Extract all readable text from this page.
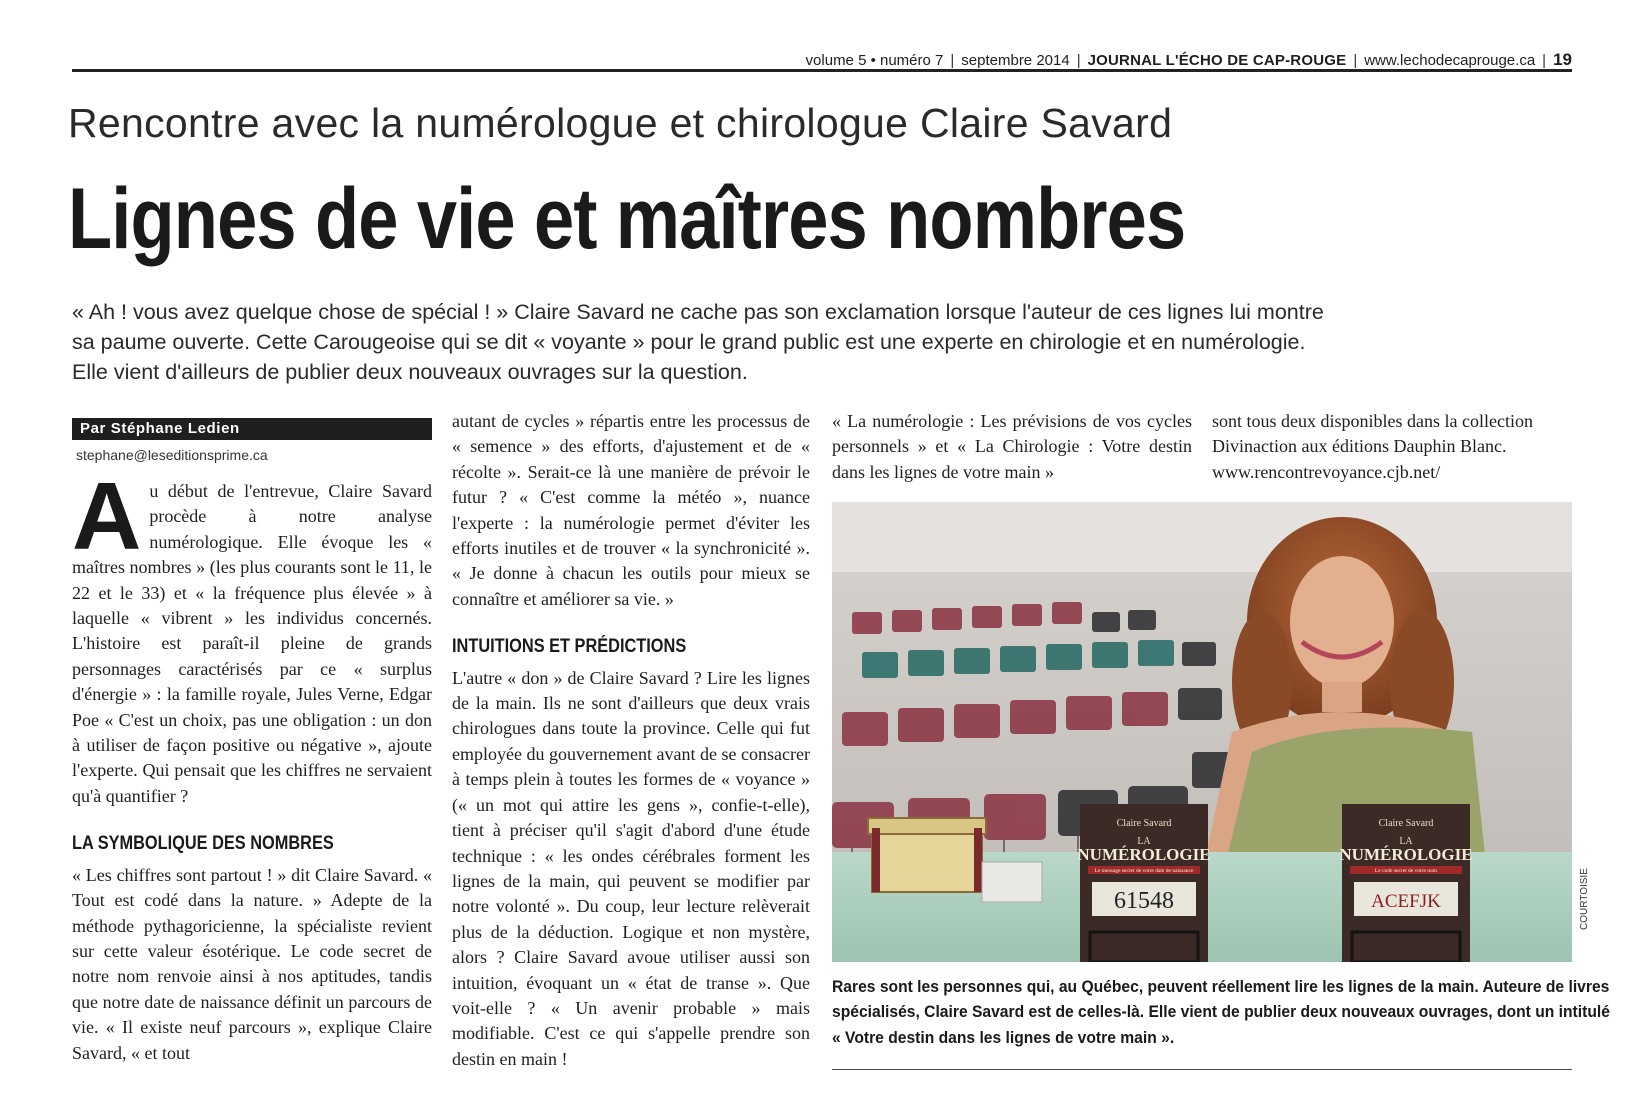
volume 5 • numéro 7 | septembre 2014 | JOURNAL L'ÉCHO DE CAP-ROUGE | www.lechodecaprouge.ca | 19
Rencontre avec la numérologue et chirologue Claire Savard
Lignes de vie et maîtres nombres

« Ah ! vous avez quelque chose de spécial ! » Claire Savard ne cache pas son exclamation lorsque l'auteur de ces lignes lui montre

sa paume ouverte. Cette Carougeoise qui se dit « voyante » pour le grand public est une experte en chirologie et en numérologie.

Elle vient d'ailleurs de publier deux nouveaux ouvrages sur la question.

Par Stéphane Ledien
stephane@leseditionsprime.ca

Au début de l'entrevue, Claire Savard procède à notre analyse numérologique. Elle évoque les « maîtres nombres » (les plus courants sont le 11, le 22 et le 33) et « la fréquence plus élevée » à laquelle « vibrent » les individus concernés. L'histoire est paraît-il pleine de grands personnages caractérisés par ce « surplus d'énergie » : la famille royale, Jules Verne, Edgar Poe « C'est un choix, pas une obligation : un don à utiliser de façon positive ou négative », ajoute l'experte. Qui pensait que les chiffres ne servaient qu'à quantifier ?

LA SYMBOLIQUE DES NOMBRES

« Les chiffres sont partout ! » dit Claire Savard. « Tout est codé dans la nature. » Adepte de la méthode pythagoricienne, la spécialiste revient sur cette valeur ésotérique. Le code secret de notre nom renvoie ainsi à nos aptitudes, tandis que notre date de naissance définit un parcours de vie. « Il existe neuf parcours », explique Claire Savard, « et tout

autant de cycles » répartis entre les processus de « semence » des efforts, d'ajustement et de « récolte ». Serait-ce là une manière de prévoir le futur ? « C'est comme la météo », nuance l'experte : la numérologie permet d'éviter les efforts inutiles et de trouver « la synchronicité ». « Je donne à chacun les outils pour mieux se connaître et améliorer sa vie. »

INTUITIONS ET PRÉDICTIONS

L'autre « don » de Claire Savard ? Lire les lignes de la main. Ils ne sont d'ailleurs que deux vrais chirologues dans toute la province. Celle qui fut employée du gouvernement avant de se consacrer à temps plein à toutes les formes de « voyance » (« un mot qui attire les gens », confie-t-elle), tient à préciser qu'il s'agit d'abord d'une étude technique : « les ondes cérébrales forment les lignes de la main, qui peuvent se modifier par notre volonté ». Du coup, leur lecture relèverait plus de la déduction. Logique et non mystère, alors ? Claire Savard avoue utiliser aussi son intuition, évoquant un « état de transe ». Que voit-elle ? « Un avenir probable » mais modifiable. C'est ce qui s'appelle prendre son destin en main !

« La numérologie : Les prévisions de vos cycles personnels » et « La Chirologie : Votre destin dans les lignes de votre main »

sont tous deux disponibles dans la collection Divinaction aux éditions Dauphin Blanc.

www.rencontrevoyance.cjb.net/

Claire Savard
LA
NUMÉROLOGIE
Le message secret de votre date de naissance
61548
Claire Savard
LA
NUMÉROLOGIE
Le code secret de votre nom
ACEFJK	COURTOISIE

Rares sont les personnes qui, au Québec, peuvent réellement lire les lignes de la main. Auteure de livres

spécialisés, Claire Savard est de celles-là. Elle vient de publier deux nouveaux ouvrages, dont un intitulé

« Votre destin dans les lignes de votre main ».
